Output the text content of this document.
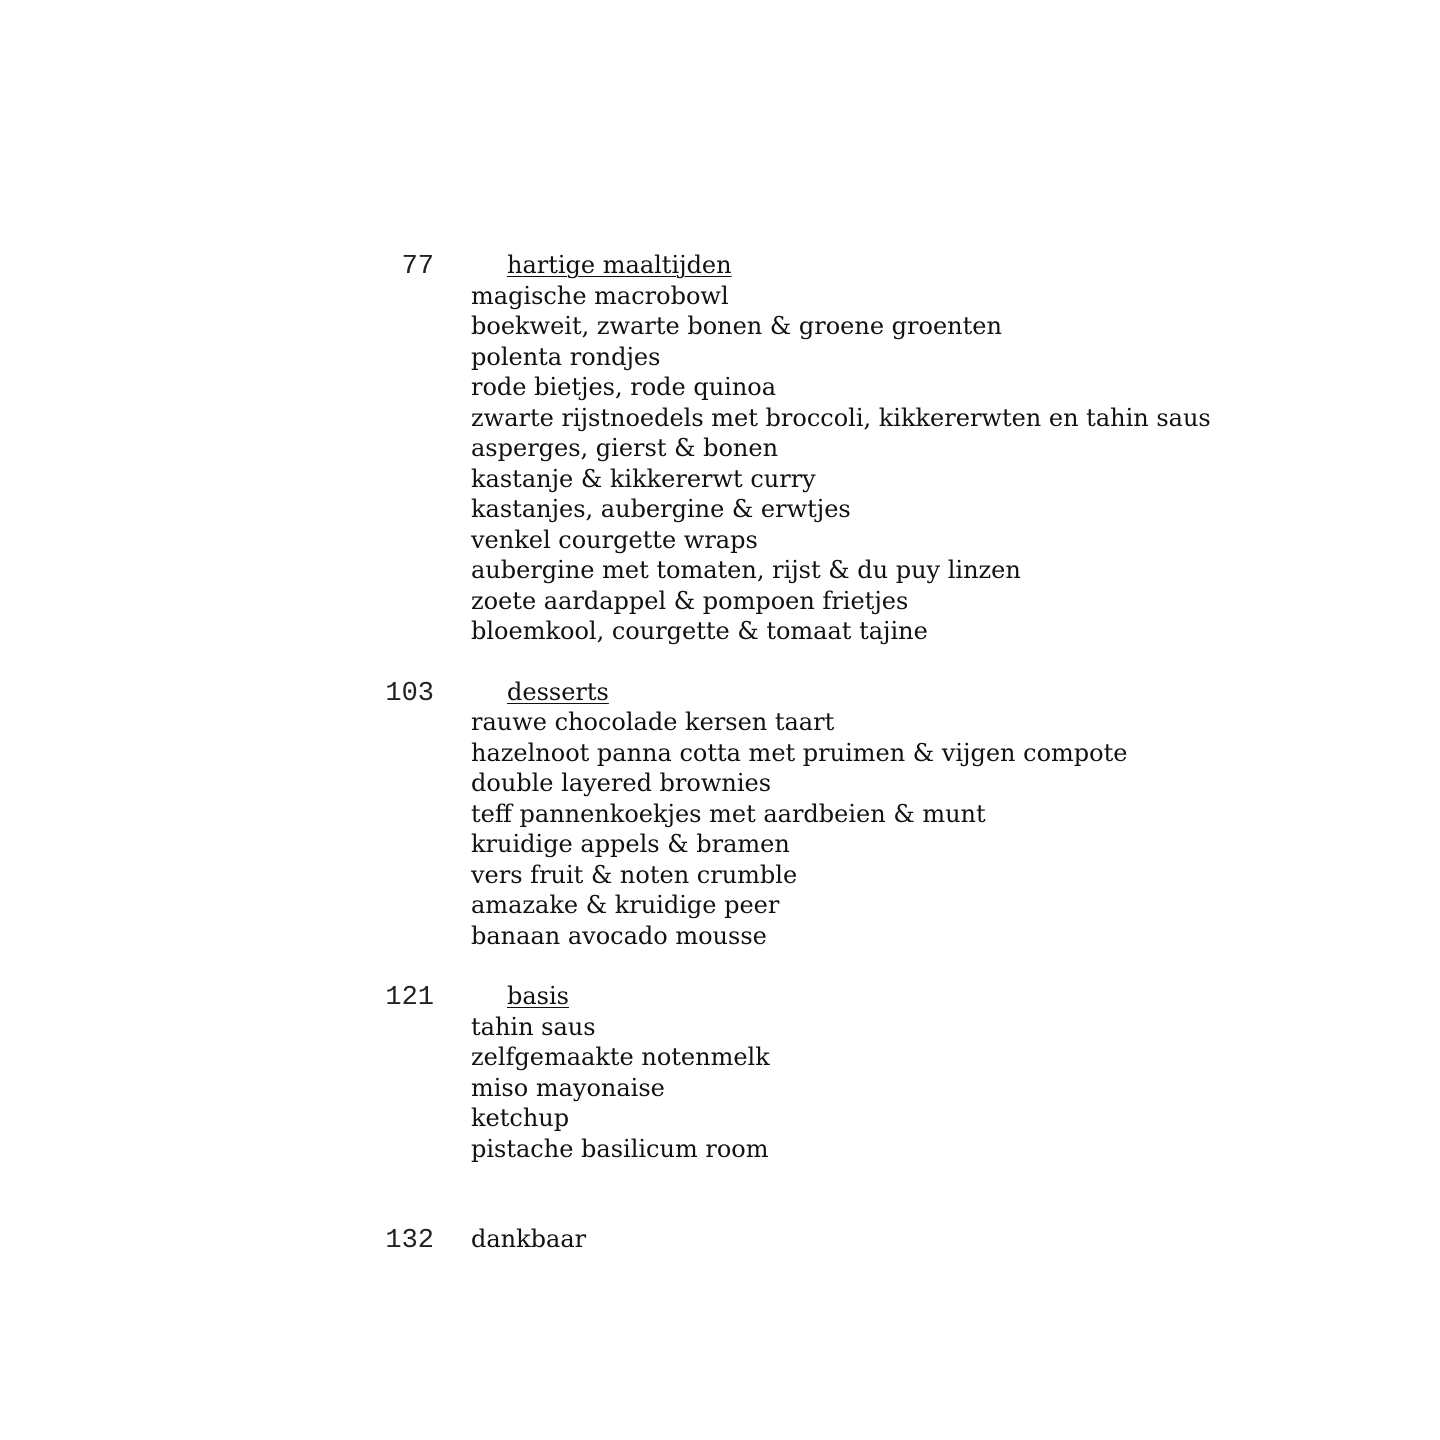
77	hartige maaltijden
magische macrobowl
boekweit, zwarte bonen & groene groenten
polenta rondjes
rode bietjes, rode quinoa
zwarte rijstnoedels met broccoli, kikkererwten en tahin saus
asperges, gierst & bonen
kastanje & kikkererwt curry
kastanjes, aubergine & erwtjes
venkel courgette wraps
aubergine met tomaten, rijst & du puy linzen
zoete aardappel & pompoen frietjes
bloemkool, courgette & tomaat tajine
103	desserts
rauwe chocolade kersen taart
hazelnoot panna cotta met pruimen & vijgen compote
double layered brownies
teff pannenkoekjes met aardbeien & munt
kruidige appels & bramen
vers fruit & noten crumble
amazake & kruidige peer
banaan avocado mousse
121	basis
tahin saus
zelfgemaakte notenmelk
miso mayonaise
ketchup
pistache basilicum room
132 dankbaar
